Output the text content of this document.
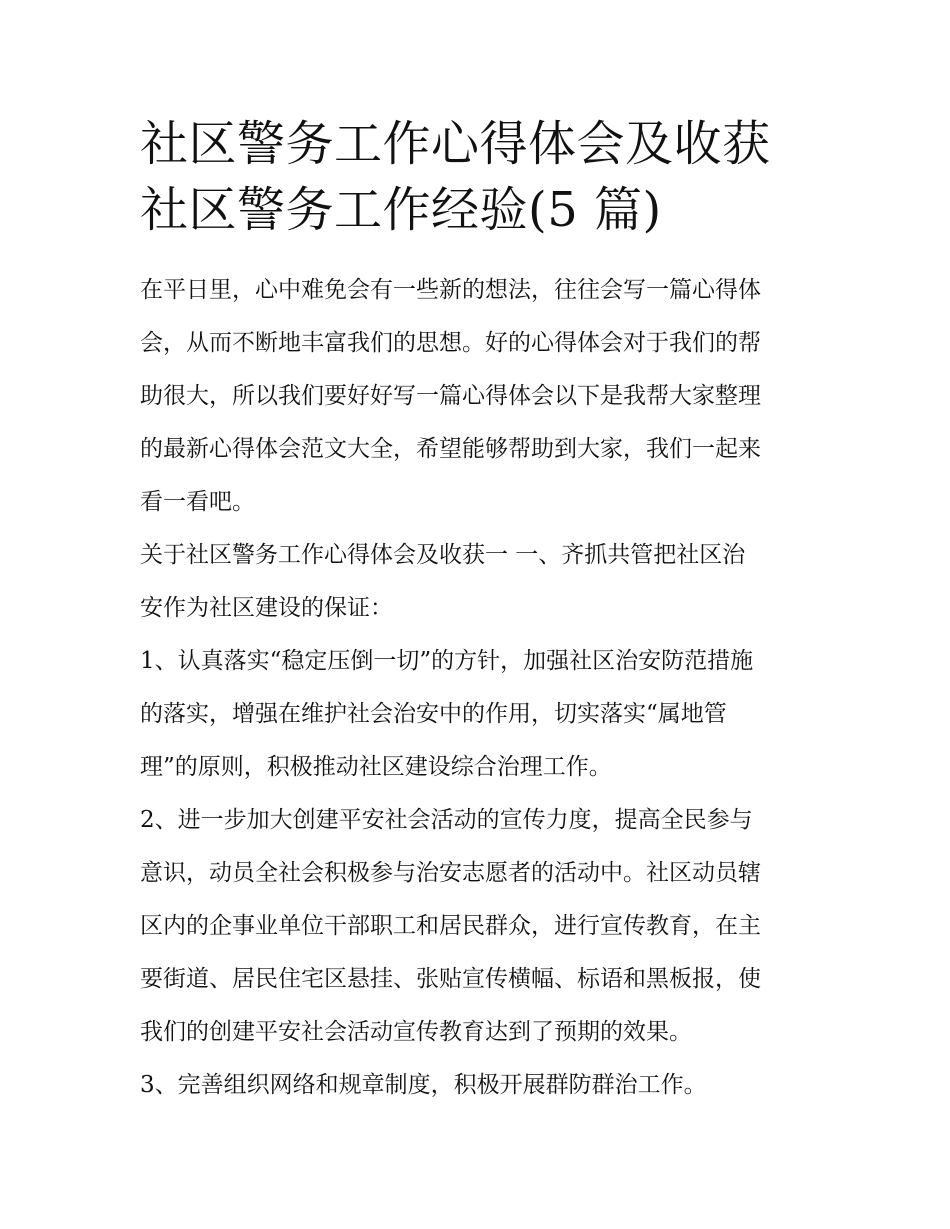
社区警务工作心得体会及收获
社区警务工作经验(5 篇)

在平日里，心中难免会有一些新的想法，往往会写一篇心得体
会，从而不断地丰富我们的思想。好的心得体会对于我们的帮
助很大，所以我们要好好写一篇心得体会以下是我帮大家整理
的最新心得体会范文大全，希望能够帮助到大家，我们一起来
看一看吧。

关于社区警务工作心得体会及收获一 一、齐抓共管把社区治
安作为社区建设的保证：

1、认真落实“稳定压倒一切”的方针，加强社区治安防范措施
的落实，增强在维护社会治安中的作用，切实落实“属地管
理”的原则，积极推动社区建设综合治理工作。

2、进一步加大创建平安社会活动的宣传力度，提高全民参与
意识，动员全社会积极参与治安志愿者的活动中。社区动员辖
区内的企事业单位干部职工和居民群众，进行宣传教育，在主
要街道、居民住宅区悬挂、张贴宣传横幅、标语和黑板报，使
我们的创建平安社会活动宣传教育达到了预期的效果。

3、完善组织网络和规章制度，积极开展群防群治工作。
